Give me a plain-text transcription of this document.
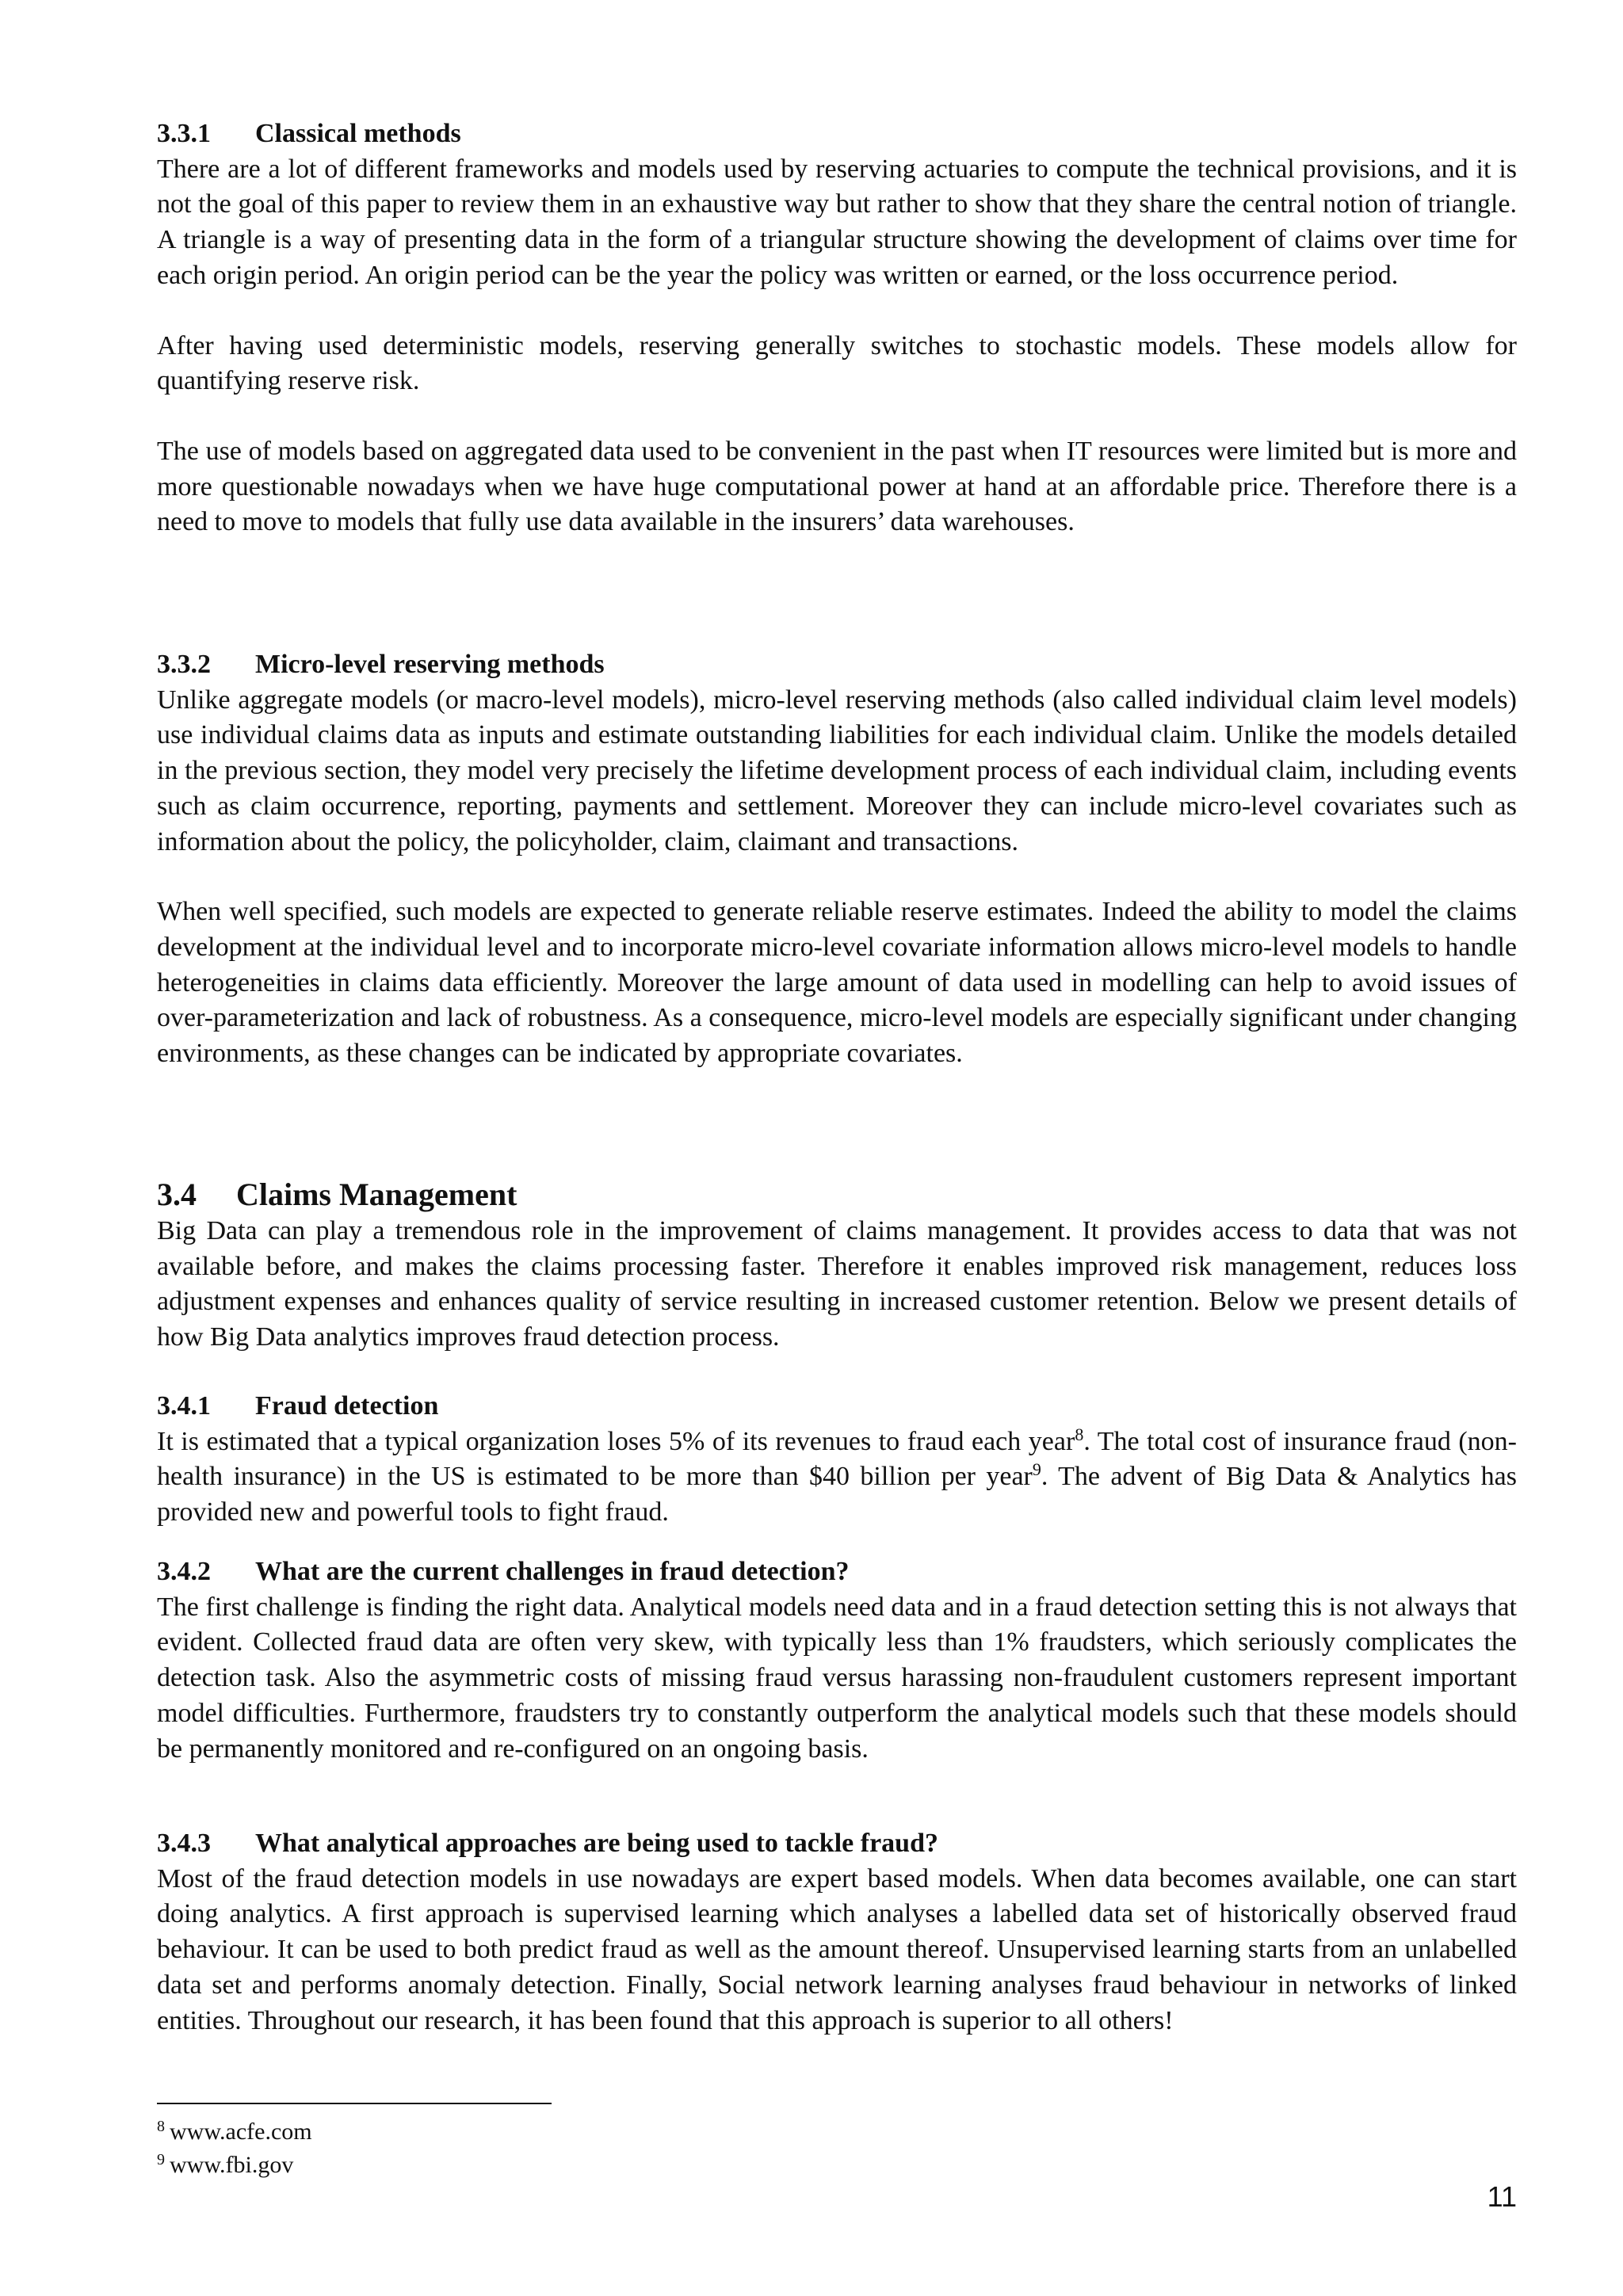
3.3.1 Classical methods

There are a lot of different frameworks and models used by reserving actuaries to compute the technical provisions, and it is not the goal of this paper to review them in an exhaustive way but rather to show that they share the central notion of triangle. A triangle is a way of presenting data in the form of a triangular structure showing the development of claims over time for each origin period. An origin period can be the year the policy was written or earned, or the loss occurrence period.

After having used deterministic models, reserving generally switches to stochastic models. These models allow for quantifying reserve risk.

The use of models based on aggregated data used to be convenient in the past when IT resources were limited but is more and more questionable nowadays when we have huge computational power at hand at an affordable price. Therefore there is a need to move to models that fully use data available in the insurers’ data warehouses.

3.3.2 Micro-level reserving methods

Unlike aggregate models (or macro-level models), micro-level reserving methods (also called individual claim level models) use individual claims data as inputs and estimate outstanding liabilities for each individual claim. Unlike the models detailed in the previous section, they model very precisely the lifetime development process of each individual claim, including events such as claim occurrence, reporting, payments and settlement. Moreover they can include micro-level covariates such as information about the policy, the policyholder, claim, claimant and transactions.

When well specified, such models are expected to generate reliable reserve estimates. Indeed the ability to model the claims development at the individual level and to incorporate micro-level covariate information allows micro-level models to handle heterogeneities in claims data efficiently. Moreover the large amount of data used in modelling can help to avoid issues of over-parameterization and lack of robustness. As a consequence, micro-level models are especially significant under changing environments, as these changes can be indicated by appropriate covariates.

3.4 Claims Management

Big Data can play a tremendous role in the improvement of claims management. It provides access to data that was not available before, and makes the claims processing faster. Therefore it enables improved risk management, reduces loss adjustment expenses and enhances quality of service resulting in increased customer retention. Below we present details of how Big Data analytics improves fraud detection process.

3.4.1 Fraud detection

It is estimated that a typical organization loses 5% of its revenues to fraud each year$^8$. The total cost of insurance fraud (non-health insurance) in the US is estimated to be more than $40 billion per year$^9$. The advent of Big Data & Analytics has provided new and powerful tools to fight fraud.

3.4.2 What are the current challenges in fraud detection?

The first challenge is finding the right data. Analytical models need data and in a fraud detection setting this is not always that evident. Collected fraud data are often very skew, with typically less than 1% fraudsters, which seriously complicates the detection task. Also the asymmetric costs of missing fraud versus harassing non-fraudulent customers represent important model difficulties. Furthermore, fraudsters try to constantly outperform the analytical models such that these models should be permanently monitored and re-configured on an ongoing basis.

3.4.3 What analytical approaches are being used to tackle fraud?

Most of the fraud detection models in use nowadays are expert based models. When data becomes available, one can start doing analytics. A first approach is supervised learning which analyses a labelled data set of historically observed fraud behaviour. It can be used to both predict fraud as well as the amount thereof. Unsupervised learning starts from an unlabelled data set and performs anomaly detection. Finally, Social network learning analyses fraud behaviour in networks of linked entities. Throughout our research, it has been found that this approach is superior to all others!

$^8$ www.acfe.com
$^9$ www.fbi.gov
11
